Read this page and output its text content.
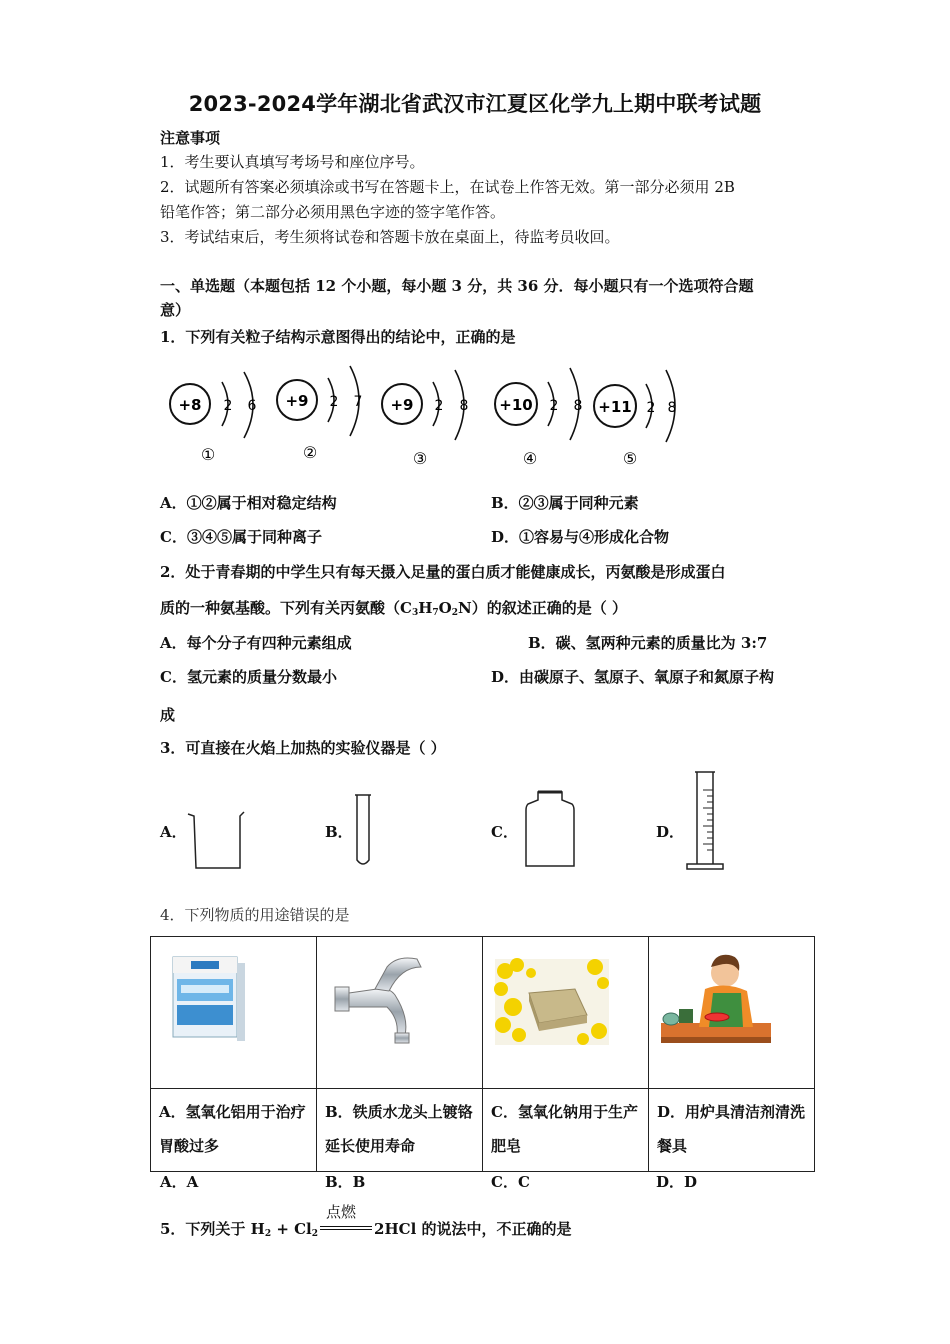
2023-2024学年湖北省武汉市江夏区化学九上期中联考试题
注意事项
1．考生要认真填写考场号和座位序号。
2．试题所有答案必须填涂或书写在答题卡上，在试卷上作答无效。第一部分必须用 2B
铅笔作答；第二部分必须用黑色字迹的签字笔作答。
3．考试结束后，考生须将试卷和答题卡放在桌面上，待监考员收回。
一、单选题（本题包括 12 个小题，每小题 3 分，共 36 分．每小题只有一个选项符合题
意）
1．下列有关粒子结构示意图得出的结论中，正确的是
+8 2 6
①
+9 2 7
②
+9 2 8
③
+10 2 8
④
+11 2 8
⑤
A．①②属于相对稳定结构	B．②③属于同种元素
C．③④⑤属于同种离子	D．①容易与④形成化合物
2．处于青春期的中学生只有每天摄入足量的蛋白质才能健康成长，丙氨酸是形成蛋白
质的一种氨基酸。下列有关丙氨酸$(C_3H_7O_2N)$的叙述正确的是（ ）
A．每个分子有四种元素组成	B．碳、氢两种元素的质量比为 3:7
C．氢元素的质量分数最小	D．由碳原子、氢原子、氧原子和氮原子构
成
3．可直接在火焰上加热的实验仪器是（ ）
A．	B．	C．	D．
4．下列物质的用途错误的是

A．氢氧化铝用于治疗胃酸过多	B．铁质水龙头上镀铬延长使用寿命	C．氢氧化钠用于生产肥皂	D．用炉具清洁剂清洗餐具
A．A	B．B	C．C	D．D
5．下列关于 $H_2 + Cl_2$
点燃
2HCl 的说法中，不正确的是
